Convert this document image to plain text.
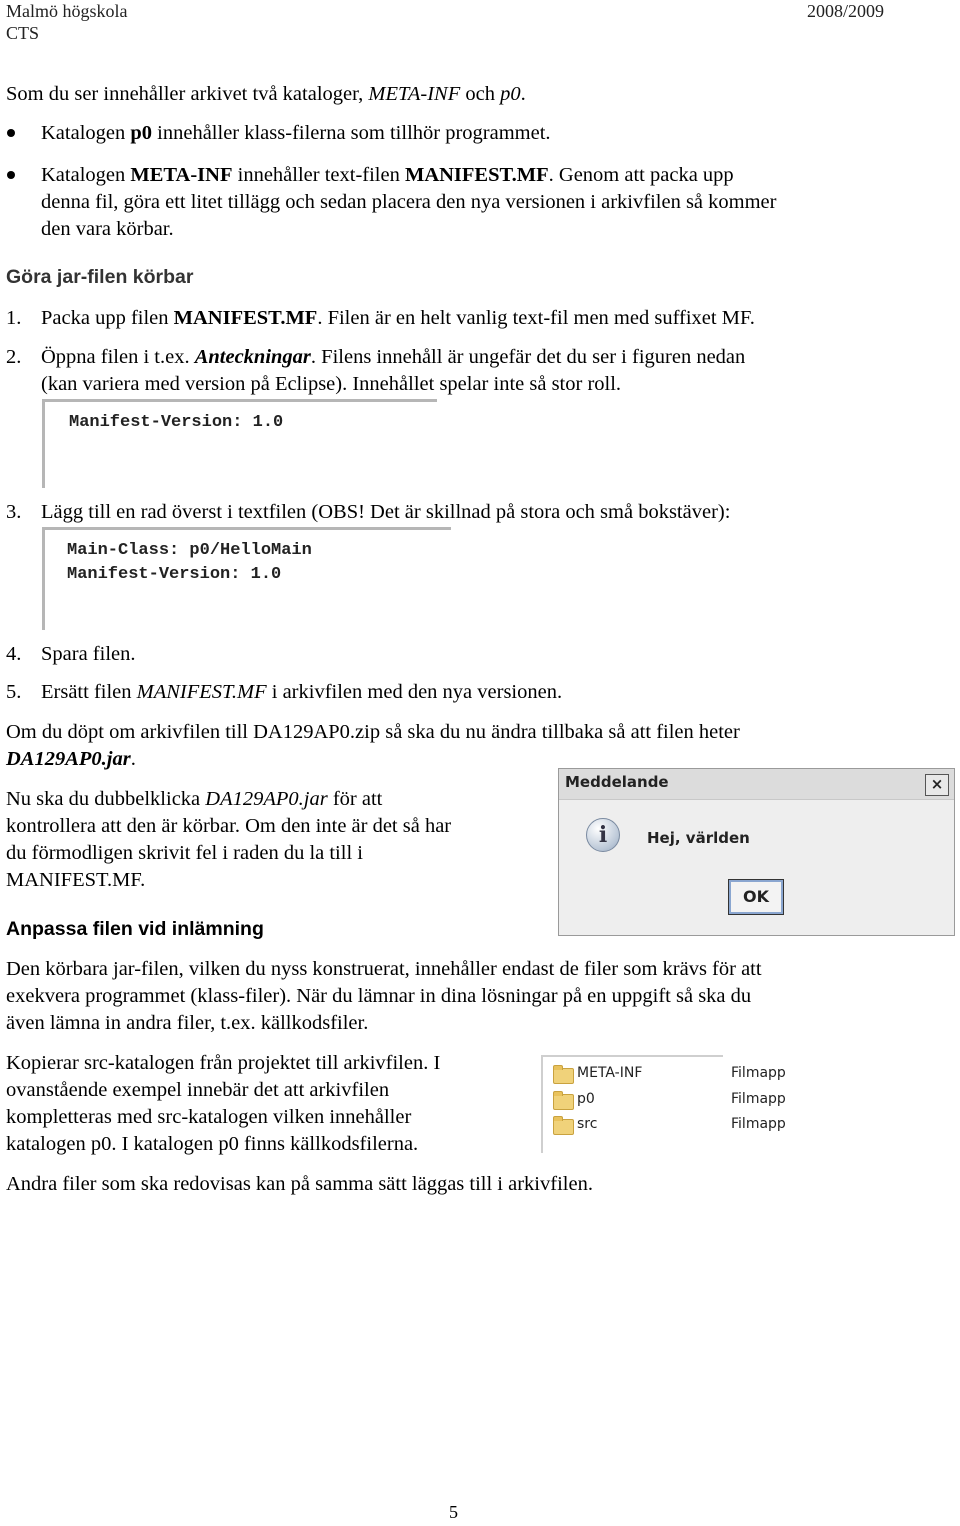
Malmö högskola	2008/2009
CTS
Som du ser innehåller arkivet två kataloger, META-INF och p0.
Katalogen p0 innehåller klass-filerna som tillhör programmet.
Katalogen META-INF innehåller text-filen MANIFEST.MF. Genom att packa upp
denna fil, göra ett litet tillägg och sedan placera den nya versionen i arkivfilen så kommer
den vara körbar.
Göra jar-filen körbar
1. Packa upp filen MANIFEST.MF. Filen är en helt vanlig text-fil men med suffixet MF.
2. Öppna filen i t.ex. Anteckningar. Filens innehåll är ungefär det du ser i figuren nedan
(kan variera med version på Eclipse). Innehållet spelar inte så stor roll.
Manifest-Version: 1.0
3. Lägg till en rad överst i textfilen (OBS! Det är skillnad på stora och små bokstäver):
Main-Class: p0/HelloMain
Manifest-Version: 1.0
4. Spara filen.
5. Ersätt filen MANIFEST.MF i arkivfilen med den nya versionen.
Om du döpt om arkivfilen till DA129AP0.zip så ska du nu ändra tillbaka så att filen heter
DA129AP0.jar.
Nu ska du dubbelklicka DA129AP0.jar för att
kontrollera att den är körbar. Om den inte är det så har
du förmodligen skrivit fel i raden du la till i
MANIFEST.MF.
Meddelande	×
i	Hej, världen
OK
Anpassa filen vid inlämning
Den körbara jar-filen, vilken du nyss konstruerat, innehåller endast de filer som krävs för att
exekvera programmet (klass-filer). När du lämnar in dina lösningar på en uppgift så ska du
även lämna in andra filer, t.ex. källkodsfiler.
Kopierar src-katalogen från projektet till arkivfilen. I
ovanstående exempel innebär det att arkivfilen
kompletteras med src-katalogen vilken innehåller
katalogen p0. I katalogen p0 finns källkodsfilerna.
META-INF	Filmapp
p0	Filmapp
src	Filmapp
Andra filer som ska redovisas kan på samma sätt läggas till i arkivfilen.
5
